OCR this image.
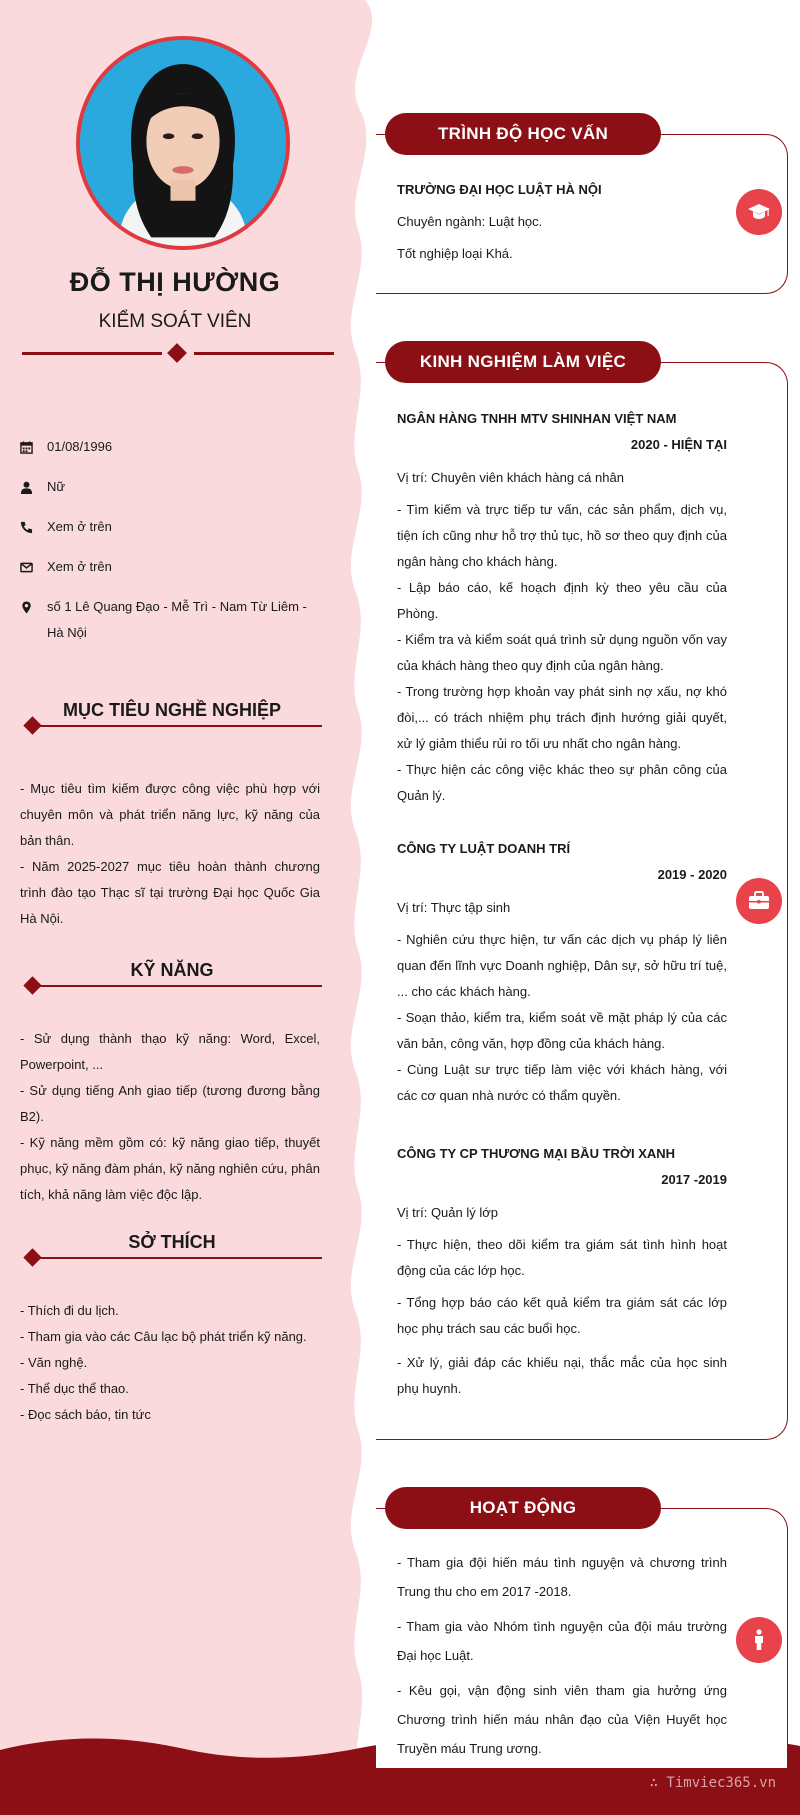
∴ Timviec365.vn
ĐỖ THỊ HƯỜNG
KIỂM SOÁT VIÊN
01/08/1996
Nữ
Xem ở trên
Xem ở trên
số 1 Lê Quang Đạo - Mễ Trì - Nam Từ Liêm - Hà Nội
MỤC TIÊU NGHỀ NGHIỆP

- Mục tiêu tìm kiếm được công việc phù hợp với chuyên môn và phát triển năng lực, kỹ năng của bản thân.

- Năm 2025-2027 mục tiêu hoàn thành chương trình đào tạo Thạc sĩ tại trường Đại học Quốc Gia Hà Nội.

KỸ NĂNG

- Sử dụng thành thạo kỹ năng: Word, Excel, Powerpoint, ...

- Sử dụng tiếng Anh giao tiếp (tương đương bằng B2).

- Kỹ năng mềm gồm có: kỹ năng giao tiếp, thuyết phục, kỹ năng đàm phán, kỹ năng nghiên cứu, phân tích, khả năng làm việc độc lập.

SỞ THÍCH

- Thích đi du lịch.

- Tham gia vào các Câu lạc bộ phát triển kỹ năng.

- Văn nghệ.

- Thể dục thể thao.

- Đọc sách báo, tin tức

TRÌNH ĐỘ HỌC VẤN
TRƯỜNG ĐẠI HỌC LUẬT HÀ NỘI

Chuyên ngành: Luật học.

Tốt nghiệp loại Khá.

KINH NGHIỆM LÀM VIỆC
NGÂN HÀNG TNHH MTV SHINHAN VIỆT NAM
2020 - HIỆN TẠI

Vị trí: Chuyên viên khách hàng cá nhân

- Tìm kiếm và trực tiếp tư vấn, các sản phẩm, dịch vụ, tiện ích cũng như hỗ trợ thủ tục, hồ sơ theo quy định của ngân hàng cho khách hàng.

- Lập báo cáo, kế hoạch định kỳ theo yêu cầu của Phòng.

- Kiểm tra và kiểm soát quá trình sử dụng nguồn vốn vay của khách hàng theo quy định của ngân hàng.

- Trong trường hợp khoản vay phát sinh nợ xấu, nợ khó đòi,... có trách nhiệm phụ trách định hướng giải quyết, xử lý giảm thiểu rủi ro tối ưu nhất cho ngân hàng.

- Thực hiện các công việc khác theo sự phân công của Quản lý.

CÔNG TY LUẬT DOANH TRÍ
2019 - 2020

Vị trí: Thực tập sinh

- Nghiên cứu thực hiện, tư vấn các dịch vụ pháp lý liên quan đến lĩnh vực Doanh nghiệp, Dân sự, sở hữu trí tuệ, ... cho các khách hàng.

- Soạn thảo, kiểm tra, kiểm soát về mặt pháp lý của các văn bản, công văn, hợp đồng của khách hàng.

- Cùng Luật sư trực tiếp làm việc với khách hàng, với các cơ quan nhà nước có thẩm quyền.

CÔNG TY CP THƯƠNG MẠI BẦU TRỜI XANH
2017 -2019

Vị trí: Quản lý lớp

- Thực hiện, theo dõi kiểm tra giám sát tình hình hoạt động của các lớp học.

- Tổng hợp báo cáo kết quả kiểm tra giám sát các lớp học phụ trách sau các buổi học.

- Xử lý, giải đáp các khiếu nại, thắc mắc của học sinh phụ huynh.

HOẠT ĐỘNG

- Tham gia đội hiến máu tình nguyện và chương trình Trung thu cho em 2017 -2018.

- Tham gia vào Nhóm tình nguyện của đội máu trường Đại học Luật.

- Kêu gọi, vận động sinh viên tham gia hưởng ứng Chương trình hiến máu nhân đạo của Viện Huyết học Truyền máu Trung ương.
